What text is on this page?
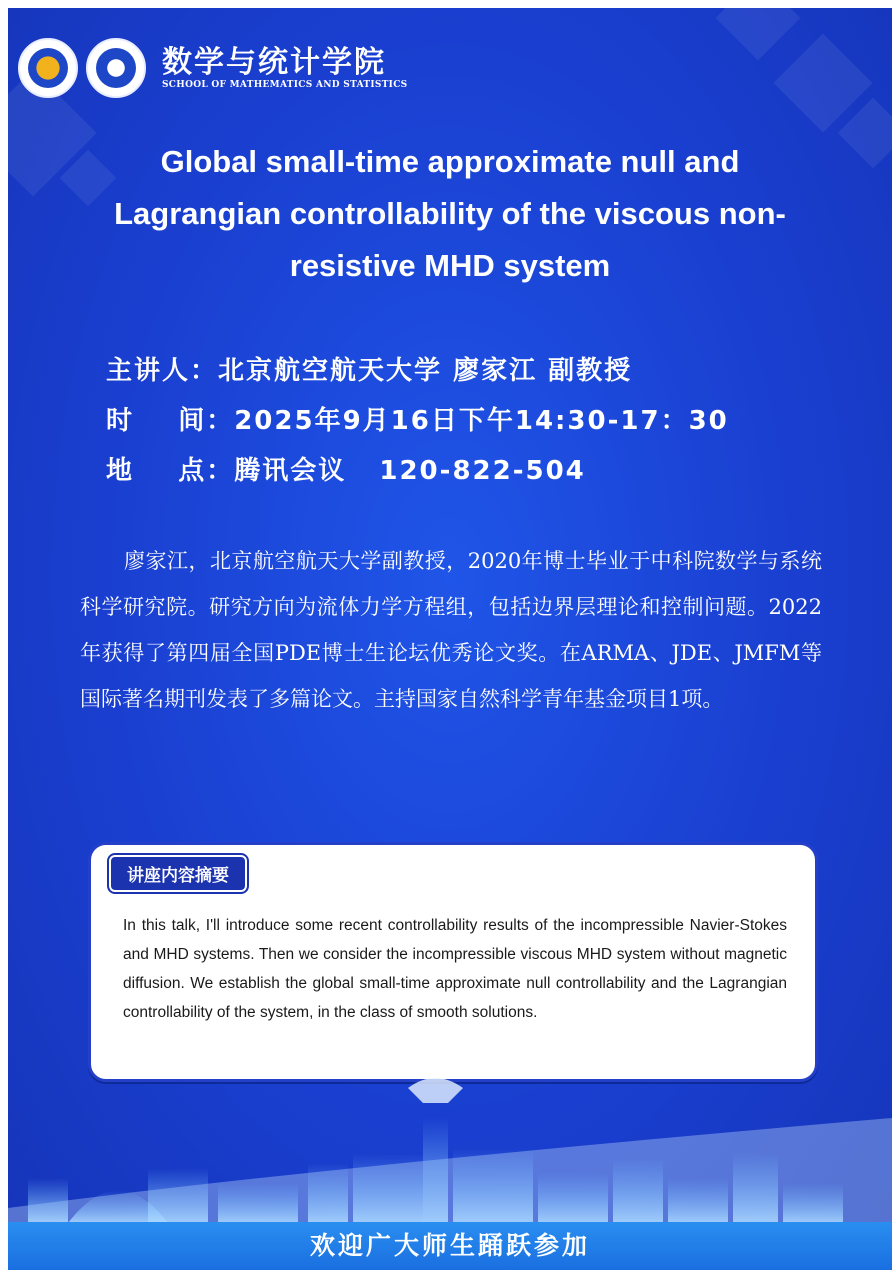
数学与统计学院
SCHOOL OF MATHEMATICS AND STATISTICS
Global small-time approximate null and
Lagrangian controllability of the viscous non-
resistive MHD system
主讲人：北京航空航天大学 廖家江 副教授
时    间：2025年9月16日下午14:30-17：30
地    点：腾讯会议   120-822-504
廖家江，北京航空航天大学副教授，2020年博士毕业于中科院数学与系统科学研究院。研究方向为流体力学方程组，包括边界层理论和控制问题。2022年获得了第四届全国PDE博士生论坛优秀论文奖。在ARMA、JDE、JMFM等国际著名期刊发表了多篇论文。主持国家自然科学青年基金项目1项。
讲座内容摘要
In this talk, I'll introduce some recent controllability results of the incompressible Navier-Stokes and MHD systems. Then we consider the incompressible viscous MHD system without magnetic diffusion. We establish the global small-time approximate null controllability and the Lagrangian controllability of the system, in the class of smooth solutions.
欢迎广大师生踊跃参加
